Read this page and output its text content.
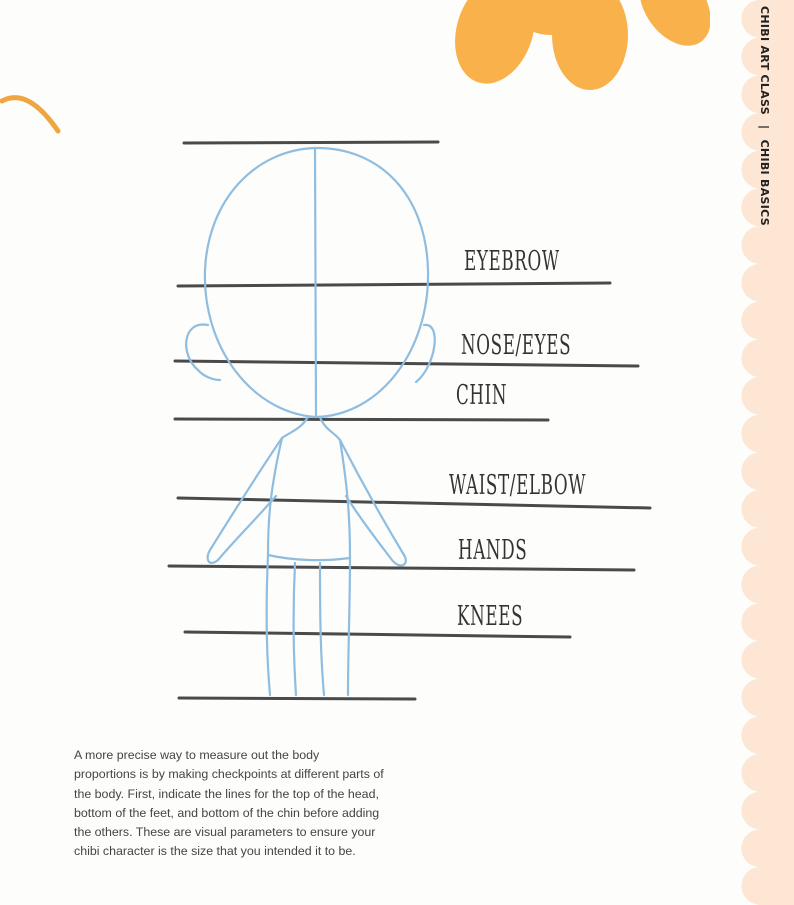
CHIBI ART CLASS | CHIBI BASICS
EYEBROW
NOSE/EYES
CHIN
WAIST/ELBOW
HANDS
KNEES

A more precise way to measure out the body proportions is by making checkpoints at different parts of the body. First, indicate the lines for the top of the head, bottom of the feet, and bottom of the chin before adding the others. These are visual parameters to ensure your chibi character is the size that you intended it to be.
